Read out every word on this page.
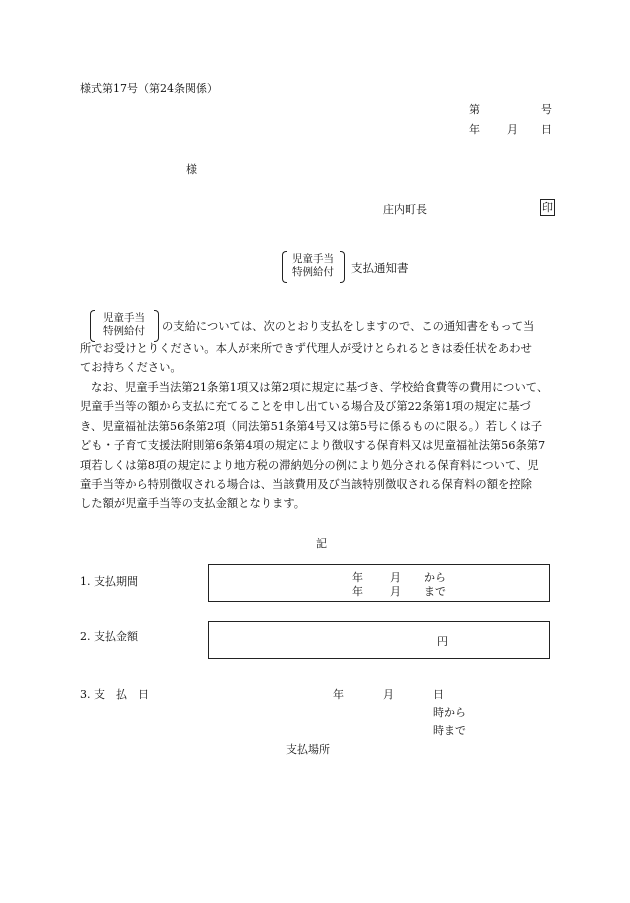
様式第17号（第24条関係）
第	号
年 月 日
様
庄内町長	印
児童手当
特例給付	支払通知書
児童手当
特例給付	の支給については、次のとおり支払をしますので、この通知書をもって当
所でお受けとりください。本人が来所できず代理人が受けとられるときは委任状をあわせ
てお持ちください。
なお、児童手当法第21条第1項又は第2項に規定に基づき、学校給食費等の費用について、
児童手当等の額から支払に充てることを申し出ている場合及び第22条第1項の規定に基づ
き、児童福祉法第56条第2項（同法第51条第4号又は第5号に係るものに限る。）若しくは子
ども・子育て支援法附則第6条第4項の規定により徴収する保育料又は児童福祉法第56条第7
項若しくは第8項の規定により地方税の滞納処分の例により処分される保育料について、児
童手当等から特別徴収される場合は、当該費用及び当該特別徴収される保育料の額を控除
した額が児童手当等の支払金額となります。
記
1. 支払期間	年 月 から
年 月 まで
2. 支払金額	円
3. 支　払　日	年	月	日
時から
時まで
支払場所
